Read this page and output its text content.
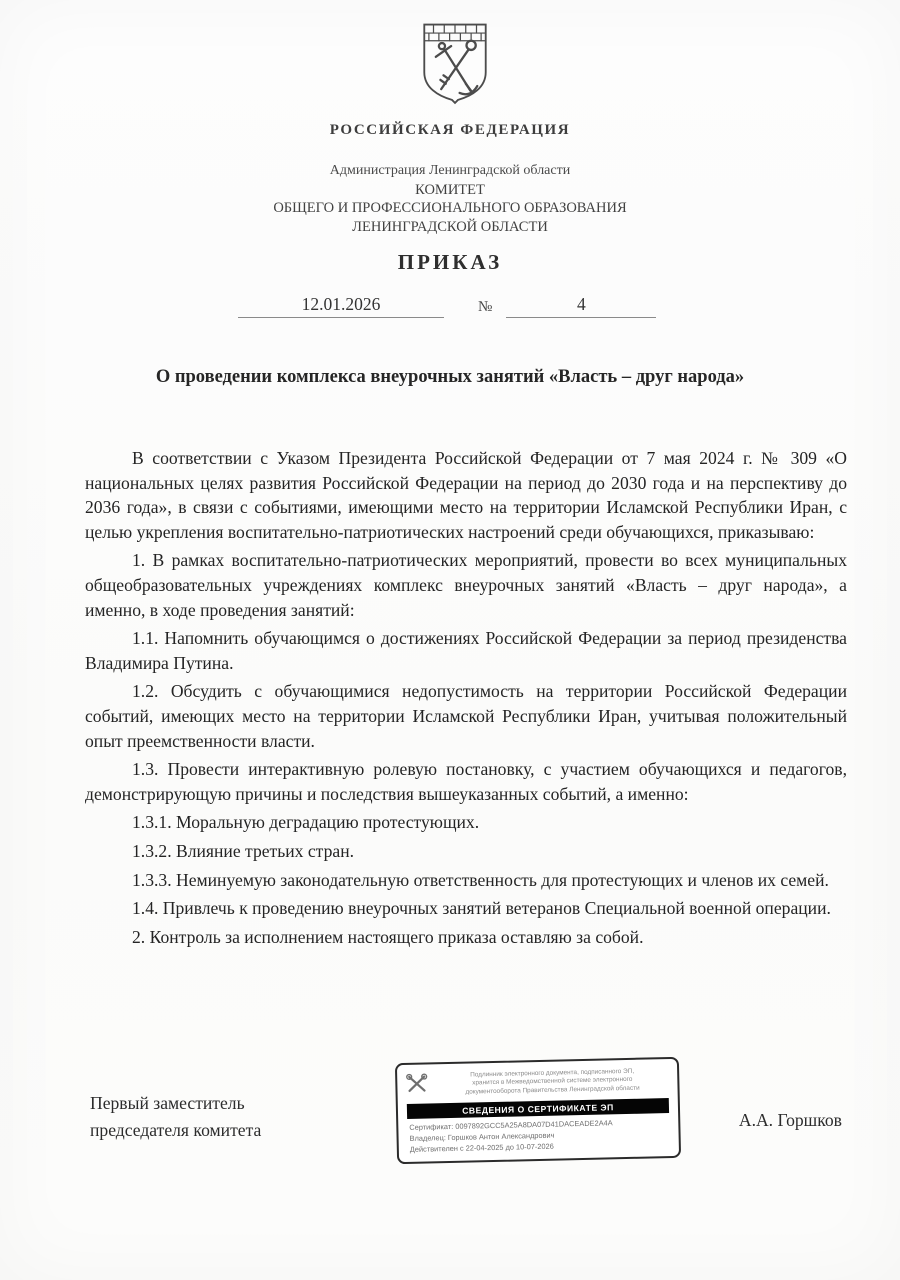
РОССИЙСКАЯ ФЕДЕРАЦИЯ
Администрация Ленинградской области
КОМИТЕТ
ОБЩЕГО И ПРОФЕССИОНАЛЬНОГО ОБРАЗОВАНИЯ
ЛЕНИНГРАДСКОЙ ОБЛАСТИ
ПРИКАЗ
12.01.2026	№	4
О проведении комплекса внеурочных занятий «Власть – друг народа»

В соответствии с Указом Президента Российской Федерации от 7 мая 2024 г. № 309 «О национальных целях развития Российской Федерации на период до 2030 года и на перспективу до 2036 года», в связи с событиями, имеющими место на территории Исламской Республики Иран, с целью укрепления воспитательно-патриотических настроений среди обучающихся, приказываю:

1. В рамках воспитательно-патриотических мероприятий, провести во всех муниципальных общеобразовательных учреждениях комплекс внеурочных занятий «Власть – друг народа», а именно, в ходе проведения занятий:

1.1. Напомнить обучающимся о достижениях Российской Федерации за период президенства Владимира Путина.

1.2. Обсудить с обучающимися недопустимость на территории Российской Федерации событий, имеющих место на территории Исламской Республики Иран, учитывая положительный опыт преемственности власти.

1.3. Провести интерактивную ролевую постановку, с участием обучающихся и педагогов, демонстрирующую причины и последствия вышеуказанных событий, а именно:

1.3.1. Моральную деградацию протестующих.

1.3.2. Влияние третьих стран.

1.3.3. Неминуемую законодательную ответственность для протестующих и членов их семей.

1.4. Привлечь к проведению внеурочных занятий ветеранов Специальной военной операции.

2. Контроль за исполнением настоящего приказа оставляю за собой.

Первый заместитель
председателя комитета	А.А. Горшков
Подлинник электронного документа, подписанного ЭП,
хранится в Межведомственной системе электронного
документооборота Правительства Ленинградской области
СВЕДЕНИЯ О СЕРТИФИКАТЕ ЭП
Сертификат: 0097892GCC5A25A8DA07D41DACEADE2A4A
Владелец: Горшков Антон Александрович
Действителен с 22-04-2025 до 10-07-2026
